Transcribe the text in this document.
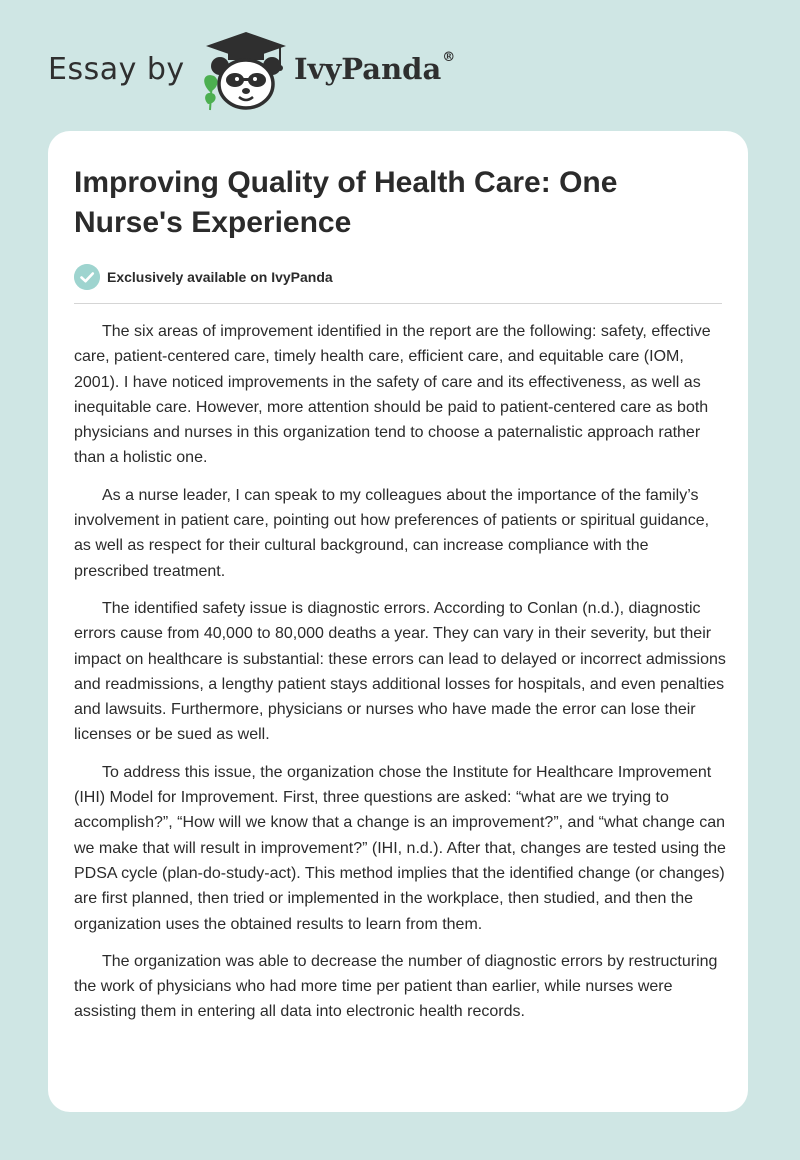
Essay by	IvyPanda®
Improving Quality of Health Care: One Nurse's Experience
Exclusively available on IvyPanda

The six areas of improvement identified in the report are the following: safety, effective care, patient-centered care, timely health care, efficient care, and equitable care (IOM, 2001). I have noticed improvements in the safety of care and its effectiveness, as well as inequitable care. However, more attention should be paid to patient-centered care as both physicians and nurses in this organization tend to choose a paternalistic approach rather than a holistic one.

As a nurse leader, I can speak to my colleagues about the importance of the family’s involvement in patient care, pointing out how preferences of patients or spiritual guidance, as well as respect for their cultural background, can increase compliance with the prescribed treatment.

The identified safety issue is diagnostic errors. According to Conlan (n.d.), diagnostic errors cause from 40,000 to 80,000 deaths a year. They can vary in their severity, but their impact on healthcare is substantial: these errors can lead to delayed or incorrect admissions and readmissions, a lengthy patient stays additional losses for hospitals, and even penalties and lawsuits. Furthermore, physicians or nurses who have made the error can lose their licenses or be sued as well.

To address this issue, the organization chose the Institute for Healthcare Improvement (IHI) Model for Improvement. First, three questions are asked: “what are we trying to accomplish?”, “How will we know that a change is an improvement?”, and “what change can we make that will result in improvement?” (IHI, n.d.). After that, changes are tested using the PDSA cycle (plan-do-study-act). This method implies that the identified change (or changes) are first planned, then tried or implemented in the workplace, then studied, and then the organization uses the obtained results to learn from them.

The organization was able to decrease the number of diagnostic errors by restructuring the work of physicians who had more time per patient than earlier, while nurses were assisting them in entering all data into electronic health records.
